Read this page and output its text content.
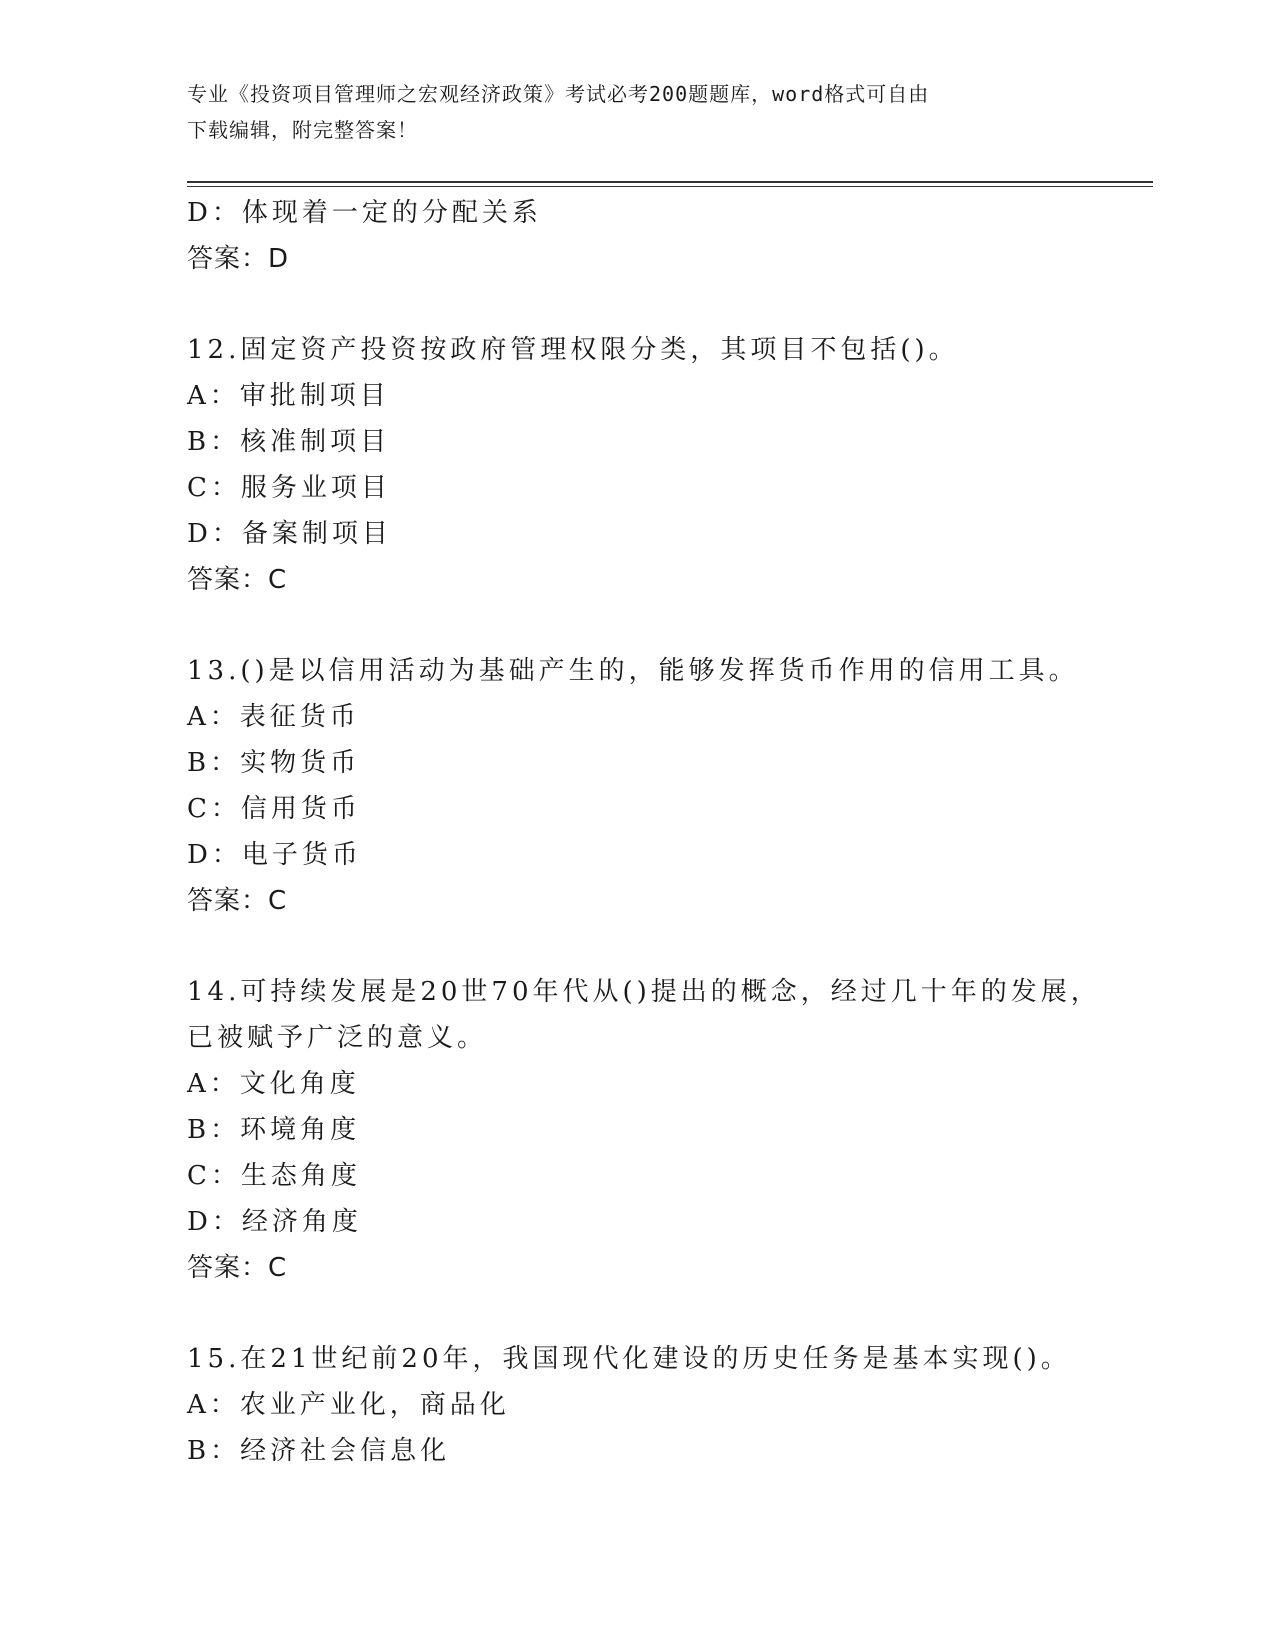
专业《投资项目管理师之宏观经济政策》考试必考200题题库，word格式可自由
下载编辑，附完整答案！
D：体现着一定的分配关系
答案：D
12.固定资产投资按政府管理权限分类，其项目不包括()。
A：审批制项目
B：核准制项目
C：服务业项目
D：备案制项目
答案：C
13.()是以信用活动为基础产生的，能够发挥货币作用的信用工具。
A：表征货币
B：实物货币
C：信用货币
D：电子货币
答案：C
14.可持续发展是20世70年代从()提出的概念，经过几十年的发展，
已被赋予广泛的意义。
A：文化角度
B：环境角度
C：生态角度
D：经济角度
答案：C
15.在21世纪前20年，我国现代化建设的历史任务是基本实现()。
A：农业产业化，商品化
B：经济社会信息化
